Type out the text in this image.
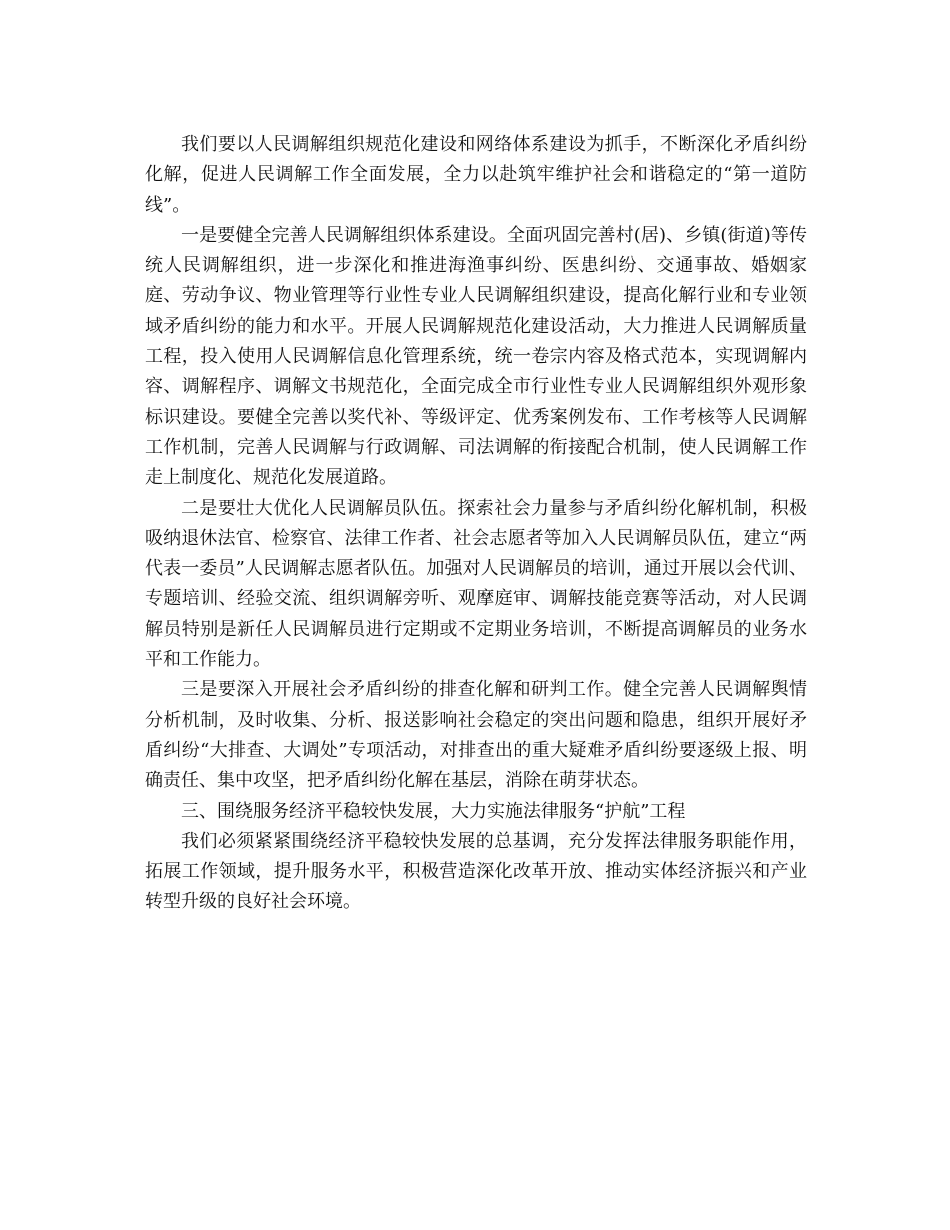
我们要以人民调解组织规范化建设和网络体系建设为抓手，不断深化矛盾纠纷化解，促进人民调解工作全面发展，全力以赴筑牢维护社会和谐稳定的“第一道防线”。

一是要健全完善人民调解组织体系建设。全面巩固完善村(居)、乡镇(街道)等传统人民调解组织，进一步深化和推进海渔事纠纷、医患纠纷、交通事故、婚姻家庭、劳动争议、物业管理等行业性专业人民调解组织建设，提高化解行业和专业领域矛盾纠纷的能力和水平。开展人民调解规范化建设活动，大力推进人民调解质量工程，投入使用人民调解信息化管理系统，统一卷宗内容及格式范本，实现调解内容、调解程序、调解文书规范化，全面完成全市行业性专业人民调解组织外观形象标识建设。要健全完善以奖代补、等级评定、优秀案例发布、工作考核等人民调解工作机制，完善人民调解与行政调解、司法调解的衔接配合机制，使人民调解工作走上制度化、规范化发展道路。

二是要壮大优化人民调解员队伍。探索社会力量参与矛盾纠纷化解机制，积极吸纳退休法官、检察官、法律工作者、社会志愿者等加入人民调解员队伍，建立“两代表一委员”人民调解志愿者队伍。加强对人民调解员的培训，通过开展以会代训、专题培训、经验交流、组织调解旁听、观摩庭审、调解技能竞赛等活动，对人民调解员特别是新任人民调解员进行定期或不定期业务培训，不断提高调解员的业务水平和工作能力。

三是要深入开展社会矛盾纠纷的排查化解和研判工作。健全完善人民调解舆情分析机制，及时收集、分析、报送影响社会稳定的突出问题和隐患，组织开展好矛盾纠纷“大排查、大调处”专项活动，对排查出的重大疑难矛盾纠纷要逐级上报、明确责任、集中攻坚，把矛盾纠纷化解在基层，消除在萌芽状态。

三、围绕服务经济平稳较快发展，大力实施法律服务“护航”工程

我们必须紧紧围绕经济平稳较快发展的总基调，充分发挥法律服务职能作用，拓展工作领域，提升服务水平，积极营造深化改革开放、推动实体经济振兴和产业转型升级的良好社会环境。
